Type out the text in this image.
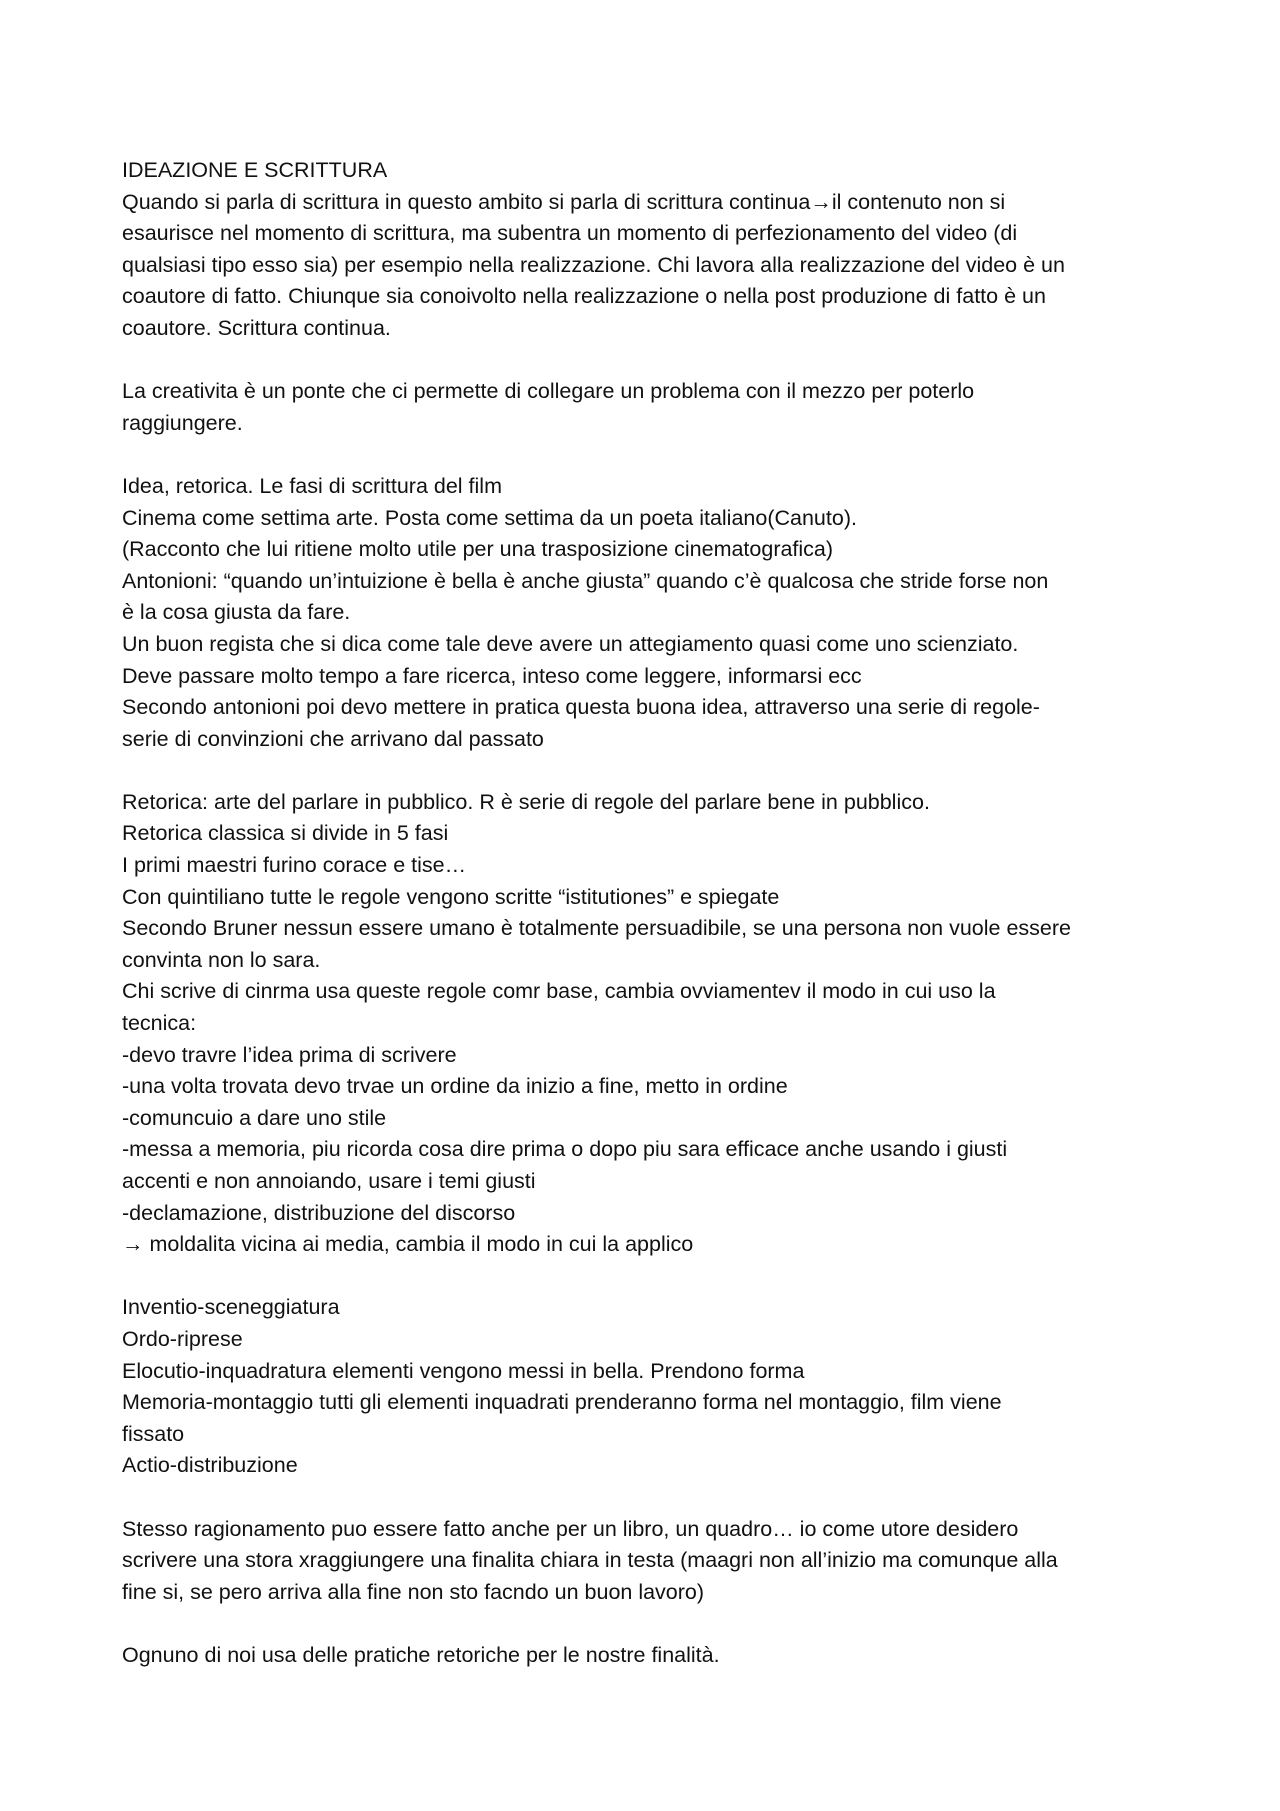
IDEAZIONE E SCRITTURA
Quando si parla di scrittura in questo ambito si parla di scrittura continua→il contenuto non si
esaurisce nel momento di scrittura, ma subentra un momento di perfezionamento del video (di
qualsiasi tipo esso sia) per esempio nella realizzazione. Chi lavora alla realizzazione del video è un
coautore di fatto. Chiunque sia conoivolto nella realizzazione o nella post produzione di fatto è un
coautore. Scrittura continua.
La creativita è un ponte che ci permette di collegare un problema con il mezzo per poterlo
raggiungere.
Idea, retorica. Le fasi di scrittura del film
Cinema come settima arte. Posta come settima da un poeta italiano(Canuto).
(Racconto che lui ritiene molto utile per una trasposizione cinematografica)
Antonioni: “quando un’intuizione è bella è anche giusta” quando c’è qualcosa che stride forse non
è la cosa giusta da fare.
Un buon regista che si dica come tale deve avere un attegiamento quasi come uno scienziato.
Deve passare molto tempo a fare ricerca, inteso come leggere, informarsi ecc
Secondo antonioni poi devo mettere in pratica questa buona idea, attraverso una serie di regole-
serie di convinzioni che arrivano dal passato
Retorica: arte del parlare in pubblico. R è serie di regole del parlare bene in pubblico.
Retorica classica si divide in 5 fasi
I primi maestri furino corace e tise…
Con quintiliano tutte le regole vengono scritte “istitutiones” e spiegate
Secondo Bruner nessun essere umano è totalmente persuadibile, se una persona non vuole essere
convinta non lo sara.
Chi scrive di cinrma usa queste regole comr base, cambia ovviamentev il modo in cui uso la
tecnica:
-devo travre l’idea prima di scrivere
-una volta trovata devo trvae un ordine da inizio a fine, metto in ordine
-comuncuio a dare uno stile
-messa a memoria, piu ricorda cosa dire prima o dopo piu sara efficace anche usando i giusti
accenti e non annoiando, usare i temi giusti
-declamazione, distribuzione del discorso
→ moldalita vicina ai media, cambia il modo in cui la applico
Inventio-sceneggiatura
Ordo-riprese
Elocutio-inquadratura elementi vengono messi in bella. Prendono forma
Memoria-montaggio tutti gli elementi inquadrati prenderanno forma nel montaggio, film viene
fissato
Actio-distribuzione
Stesso ragionamento puo essere fatto anche per un libro, un quadro… io come utore desidero
scrivere una stora xraggiungere una finalita chiara in testa (maagri non all’inizio ma comunque alla
fine si, se pero arriva alla fine non sto facndo un buon lavoro)
Ognuno di noi usa delle pratiche retoriche per le nostre finalità.
